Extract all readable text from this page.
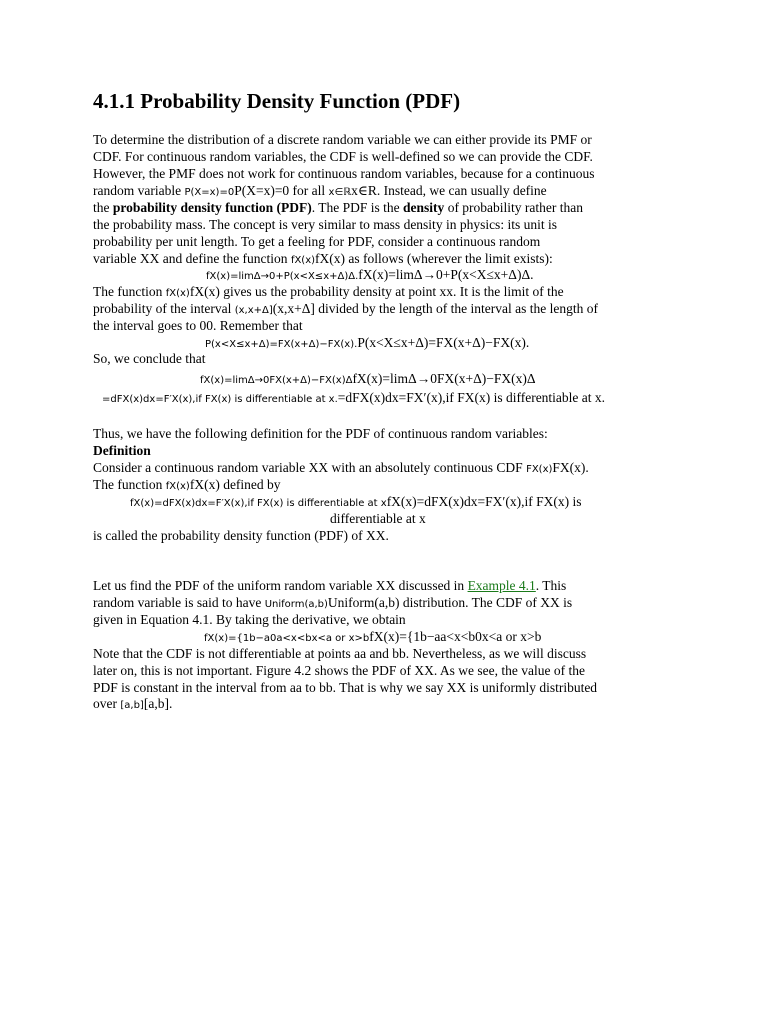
4.1.1 Probability Density Function (PDF)
To determine the distribution of a discrete random variable we can either provide its PMF or
CDF. For continuous random variables, the CDF is well-defined so we can provide the CDF.
However, the PMF does not work for continuous random variables, because for a continuous
random variable P(X=x)=0P(X=x)=0 for all x∈ℝx∈R. Instead, we can usually define
the probability density function (PDF). The PDF is the density of probability rather than
the probability mass. The concept is very similar to mass density in physics: its unit is
probability per unit length. To get a feeling for PDF, consider a continuous random
variable XX and define the function fX(x)fX(x) as follows (wherever the limit exists):
fX(x)=limΔ→0+P(x<X≤x+Δ)Δ.fX(x)=limΔ→0+P(x<X≤x+Δ)Δ.
The function fX(x)fX(x) gives us the probability density at point xx. It is the limit of the
probability of the interval (x,x+Δ](x,x+Δ] divided by the length of the interval as the length of
the interval goes to 00. Remember that
P(x<X≤x+Δ)=FX(x+Δ)−FX(x).P(x<X≤x+Δ)=FX(x+Δ)−FX(x).
So, we conclude that
fX(x)=limΔ→0FX(x+Δ)−FX(x)ΔfX(x)=limΔ→0FX(x+Δ)−FX(x)Δ
=dFX(x)dx=F′X(x),if FX(x) is differentiable at x.=dFX(x)dx=FX′(x),if FX(x) is differentiable at x.
Thus, we have the following definition for the PDF of continuous random variables:
Definition
Consider a continuous random variable XX with an absolutely continuous CDF FX(x)FX(x).
The function fX(x)fX(x) defined by
fX(x)=dFX(x)dx=F′X(x),if FX(x) is differentiable at xfX(x)=dFX(x)dx=FX′(x),if FX(x) is
differentiable at x
is called the probability density function (PDF) of XX.
Let us find the PDF of the uniform random variable XX discussed in Example 4.1. This
random variable is said to have Uniform(a,b)Uniform(a,b) distribution. The CDF of XX is
given in Equation 4.1. By taking the derivative, we obtain
fX(x)={1b−a0a<x<bx<a or x>bfX(x)={1b−aa<x<b0x<a or x>b
Note that the CDF is not differentiable at points aa and bb. Nevertheless, as we will discuss
later on, this is not important. Figure 4.2 shows the PDF of XX. As we see, the value of the
PDF is constant in the interval from aa to bb. That is why we say XX is uniformly distributed
over [a,b][a,b].
